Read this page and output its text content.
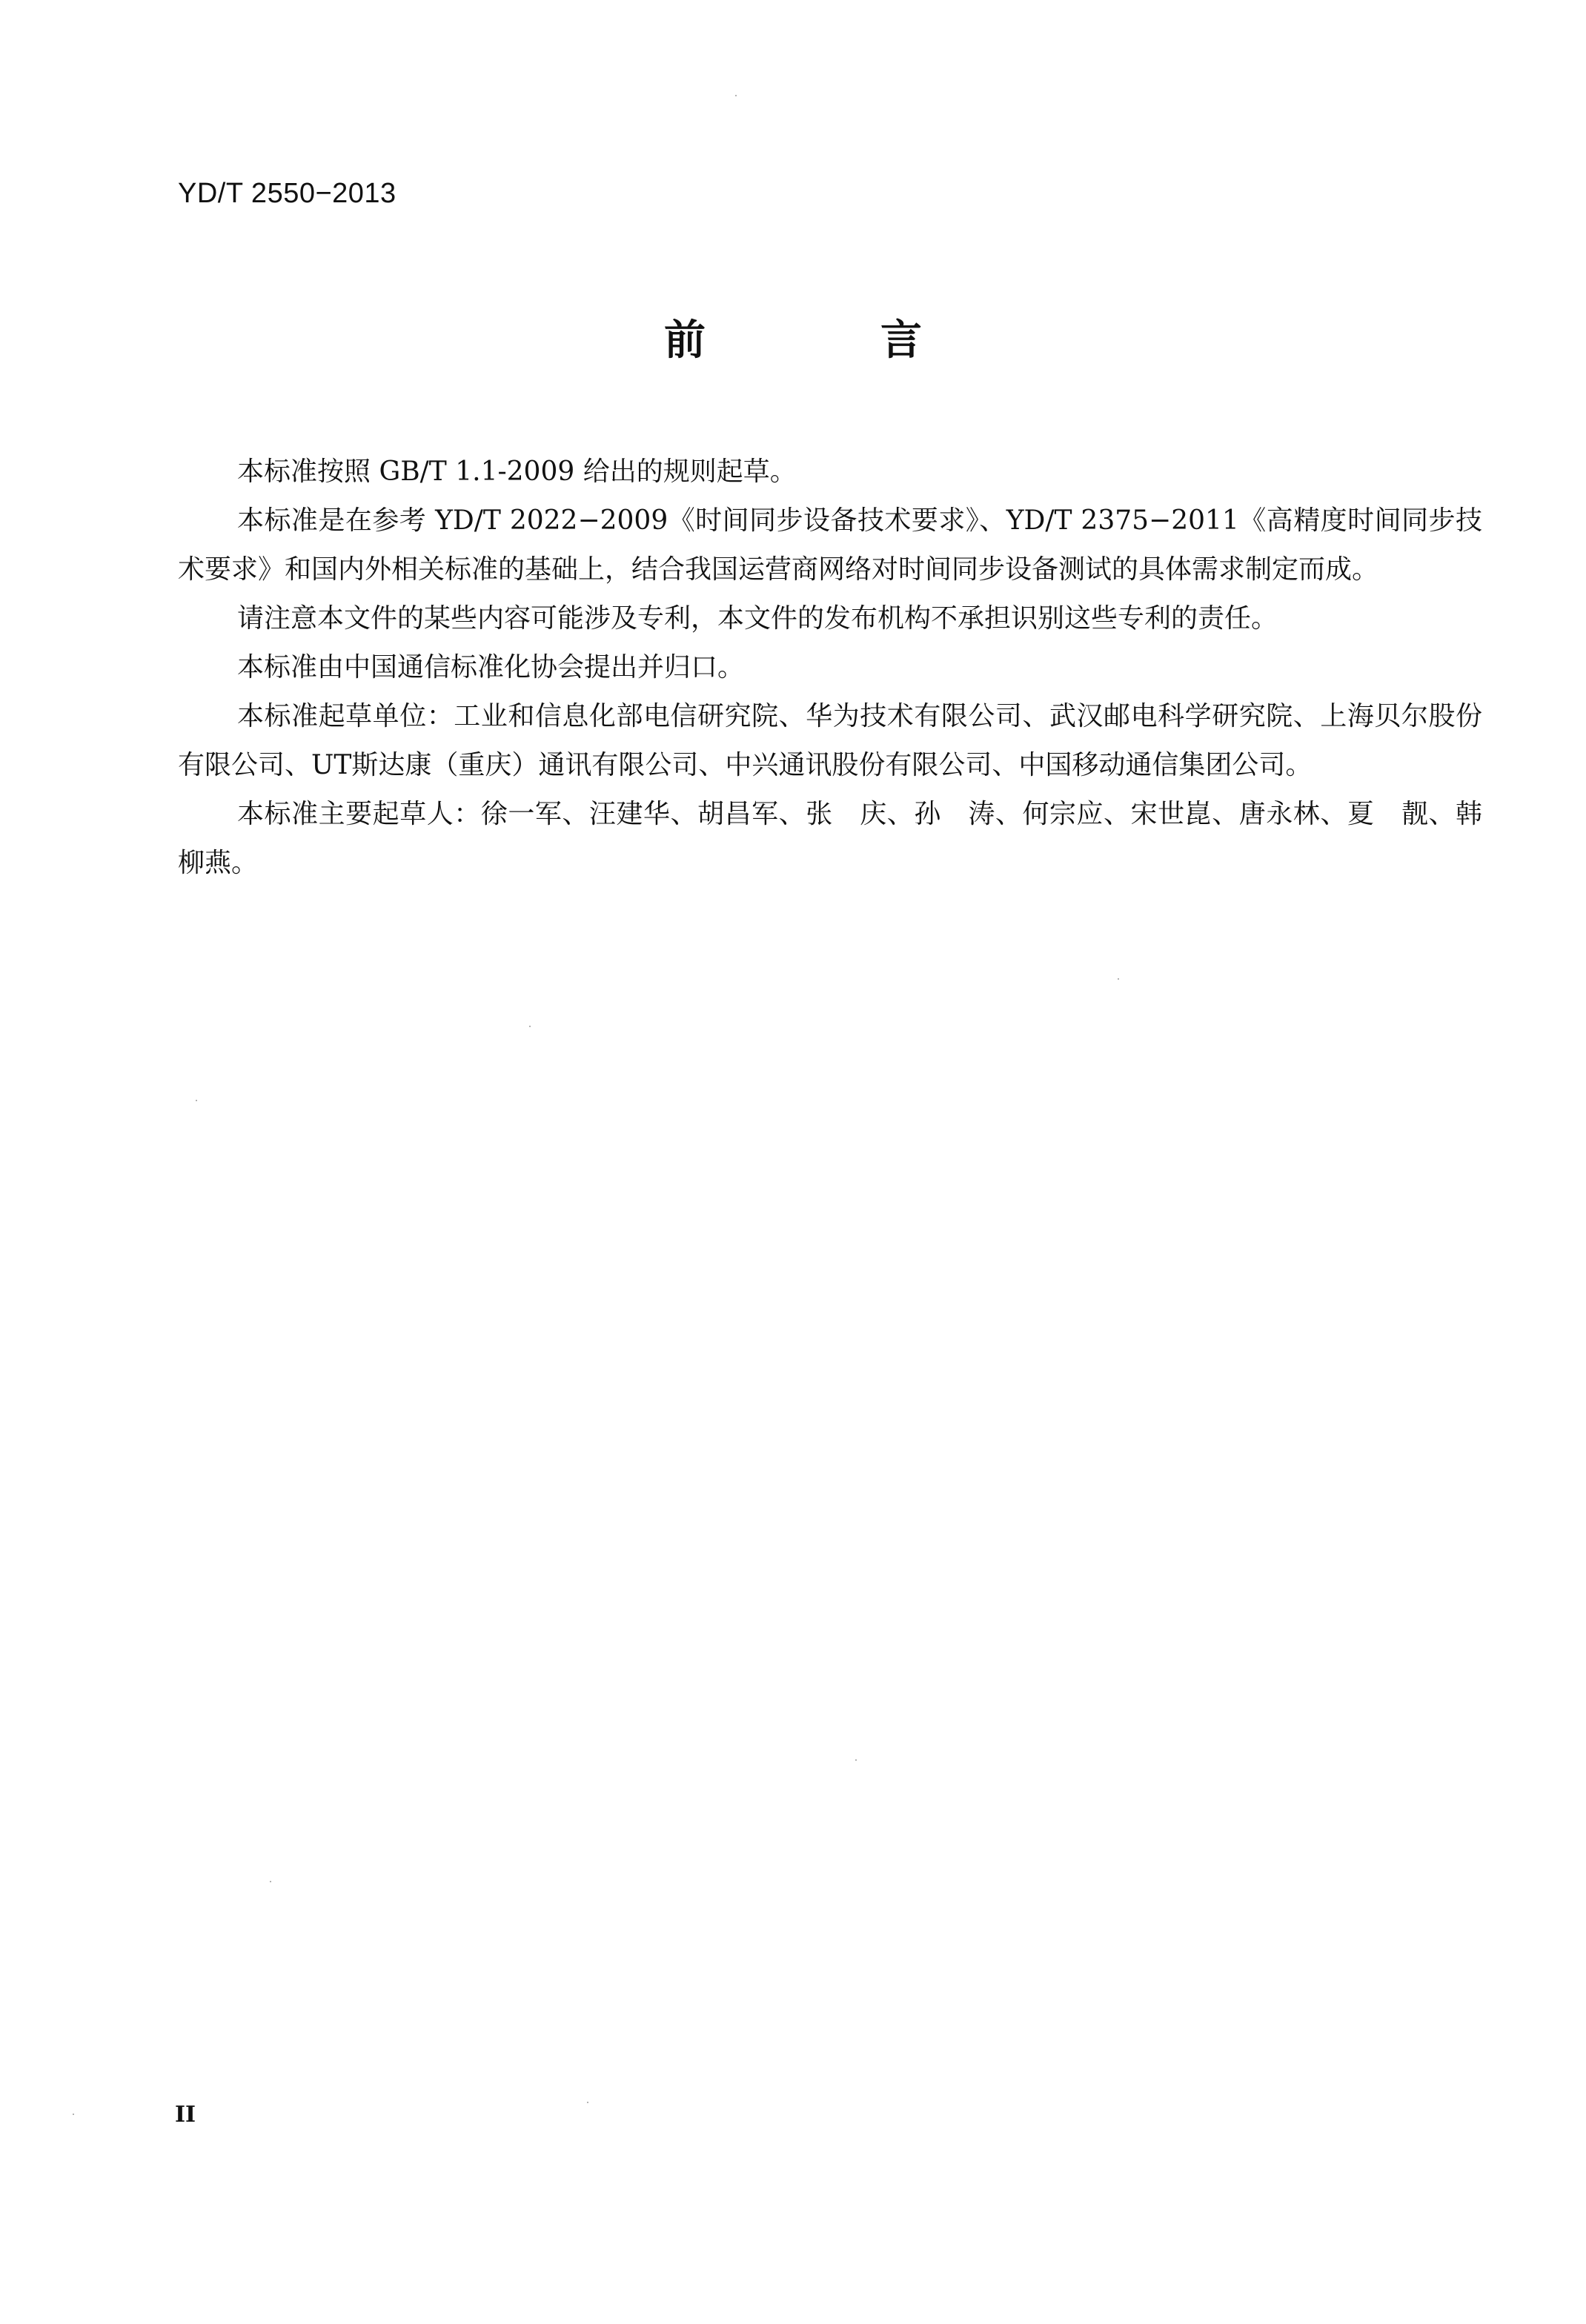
YD/T 2550−2013
前　言

本标准按照 GB/T 1.1-2009 给出的规则起草。

本标准是在参考 YD/T 2022−2009《时间同步设备技术要求》、YD/T 2375−2011《高精度时间同步技术要求》和国内外相关标准的基础上，结合我国运营商网络对时间同步设备测试的具体需求制定而成。

请注意本文件的某些内容可能涉及专利，本文件的发布机构不承担识别这些专利的责任。

本标准由中国通信标准化协会提出并归口。

本标准起草单位：工业和信息化部电信研究院、华为技术有限公司、武汉邮电科学研究院、上海贝尔股份有限公司、UT斯达康（重庆）通讯有限公司、中兴通讯股份有限公司、中国移动通信集团公司。

本标准主要起草人：徐一军、汪建华、胡昌军、张　庆、孙　涛、何宗应、宋世崑、唐永林、夏　靓、韩柳燕。

II
